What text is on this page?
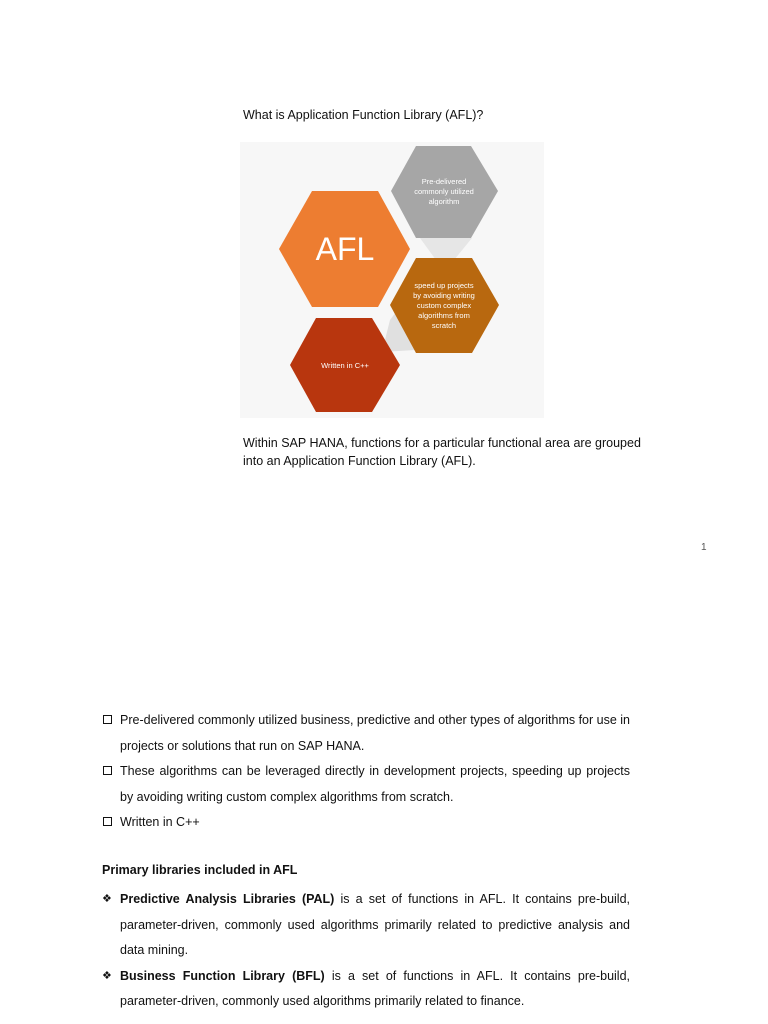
What is Application Function Library (AFL)?
AFL
Pre-delivered commonly utilized algorithm
speed up projects by avoiding writing custom complex algorithms from scratch
Written in C++
Within SAP HANA, functions for a particular functional area are grouped into an Application Function Library (AFL).
1
Pre-delivered commonly utilized business, predictive and other types of algorithms for use in projects or solutions that run on SAP HANA.
These algorithms can be leveraged directly in development projects, speeding up projects by avoiding writing custom complex algorithms from scratch.
Written in C++
Primary libraries included in AFL
❖ Predictive Analysis Libraries (PAL) is a set of functions in AFL. It contains pre-build, parameter-driven, commonly used algorithms primarily related to predictive analysis and data mining.
❖ Business Function Library (BFL) is a set of functions in AFL. It contains pre-build, parameter-driven, commonly used algorithms primarily related to finance.
